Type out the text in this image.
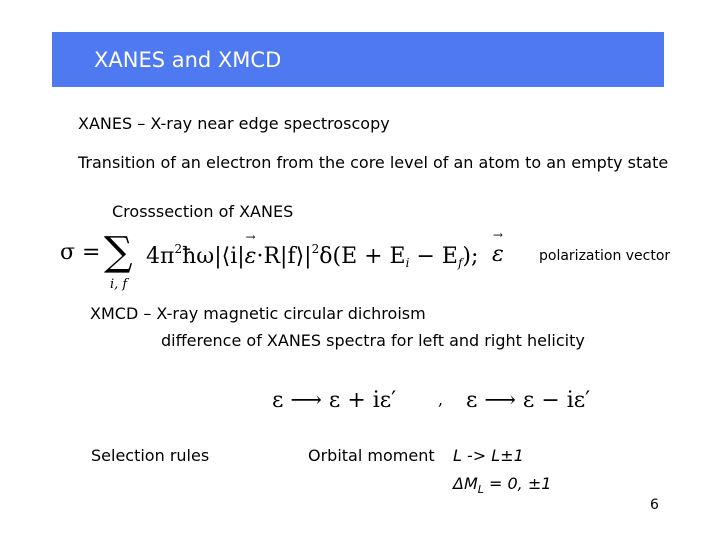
XANES and XMCD
XANES – X-ray near edge spectroscopy
Transition of an electron from the core level of an atom to an empty state
Crosssection of XANES
σ = ∑
i, f
$4\pi^2ħ\omega|⟨i|\to$ $\varepsilon\cdot R|f⟩|^2\delta(E + E_i - E_f)$;
→ ε	polarization vector
XMCD – X-ray magnetic circular dichroism
difference of XANES spectra for left and right helicity
ε ⟶ ε + iε′	, ε ⟶ ε − iε′
Selection rules	Orbital moment L -> L±1
$\Delta M_L = 0$, ±1
6
